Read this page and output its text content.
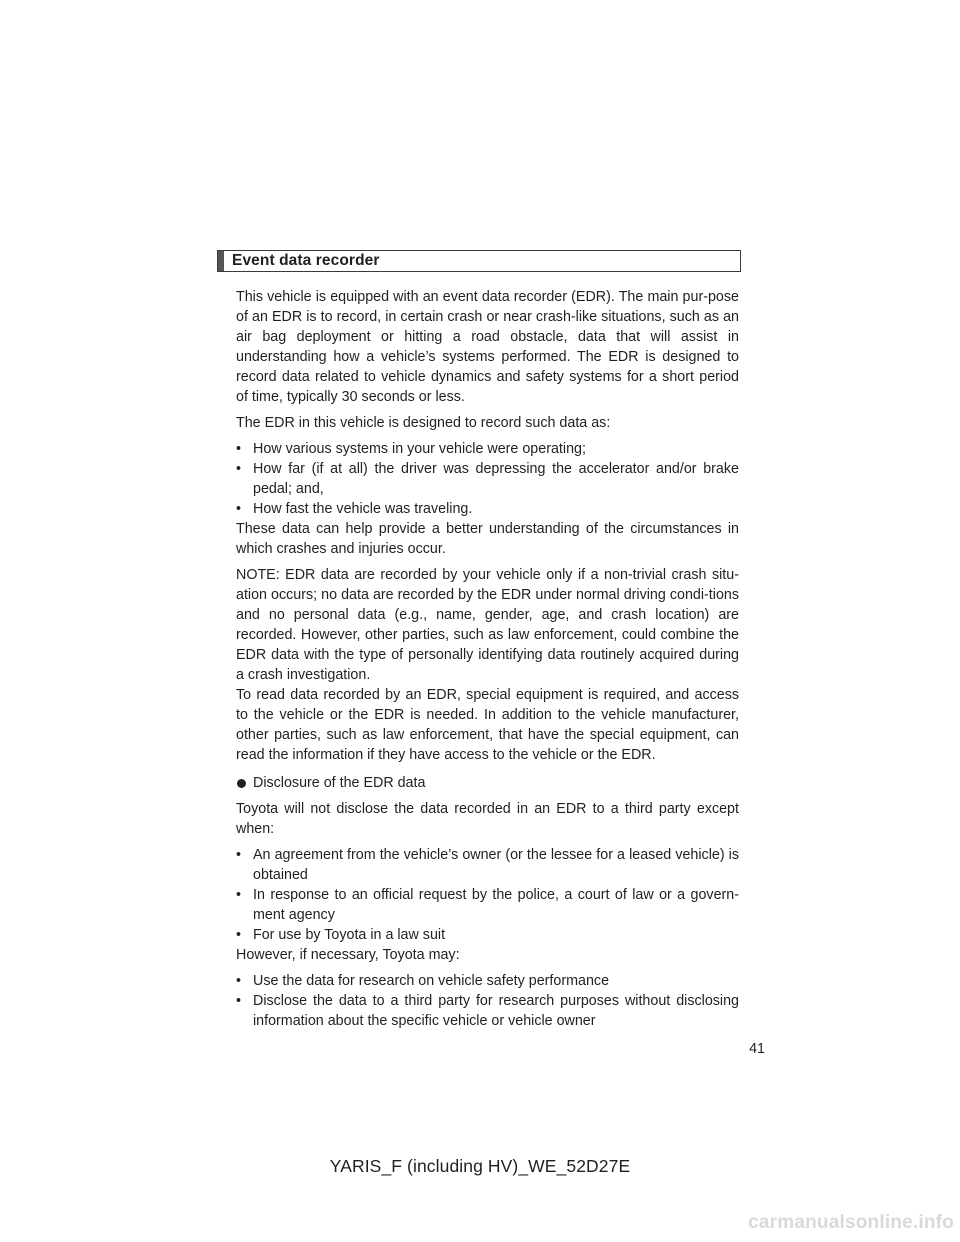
Event data recorder

This vehicle is equipped with an event data recorder (EDR). The main pur-pose of an EDR is to record, in certain crash or near crash-like situations, such as an air bag deployment or hitting a road obstacle, data that will assist in understanding how a vehicle’s systems performed. The EDR is designed to record data related to vehicle dynamics and safety systems for a short period of time, typically 30 seconds or less.

The EDR in this vehicle is designed to record such data as:

• How various systems in your vehicle were operating;
• How far (if at all) the driver was depressing the accelerator and/or brake pedal; and,
• How fast the vehicle was traveling.

These data can help provide a better understanding of the circumstances in which crashes and injuries occur.

NOTE: EDR data are recorded by your vehicle only if a non-trivial crash situ-ation occurs; no data are recorded by the EDR under normal driving condi-tions and no personal data (e.g., name, gender, age, and crash location) are recorded. However, other parties, such as law enforcement, could combine the EDR data with the type of personally identifying data routinely acquired during a crash investigation.

To read data recorded by an EDR, special equipment is required, and access to the vehicle or the EDR is needed. In addition to the vehicle manufacturer, other parties, such as law enforcement, that have the special equipment, can read the information if they have access to the vehicle or the EDR.

Disclosure of the EDR data

Toyota will not disclose the data recorded in an EDR to a third party except when:

• An agreement from the vehicle’s owner (or the lessee for a leased vehicle) is obtained
• In response to an official request by the police, a court of law or a govern-ment agency
• For use by Toyota in a law suit

However, if necessary, Toyota may:

• Use the data for research on vehicle safety performance
• Disclose the data to a third party for research purposes without disclosing information about the specific vehicle or vehicle owner
41
YARIS_F (including HV)_WE_52D27E
carmanualsonline.info
